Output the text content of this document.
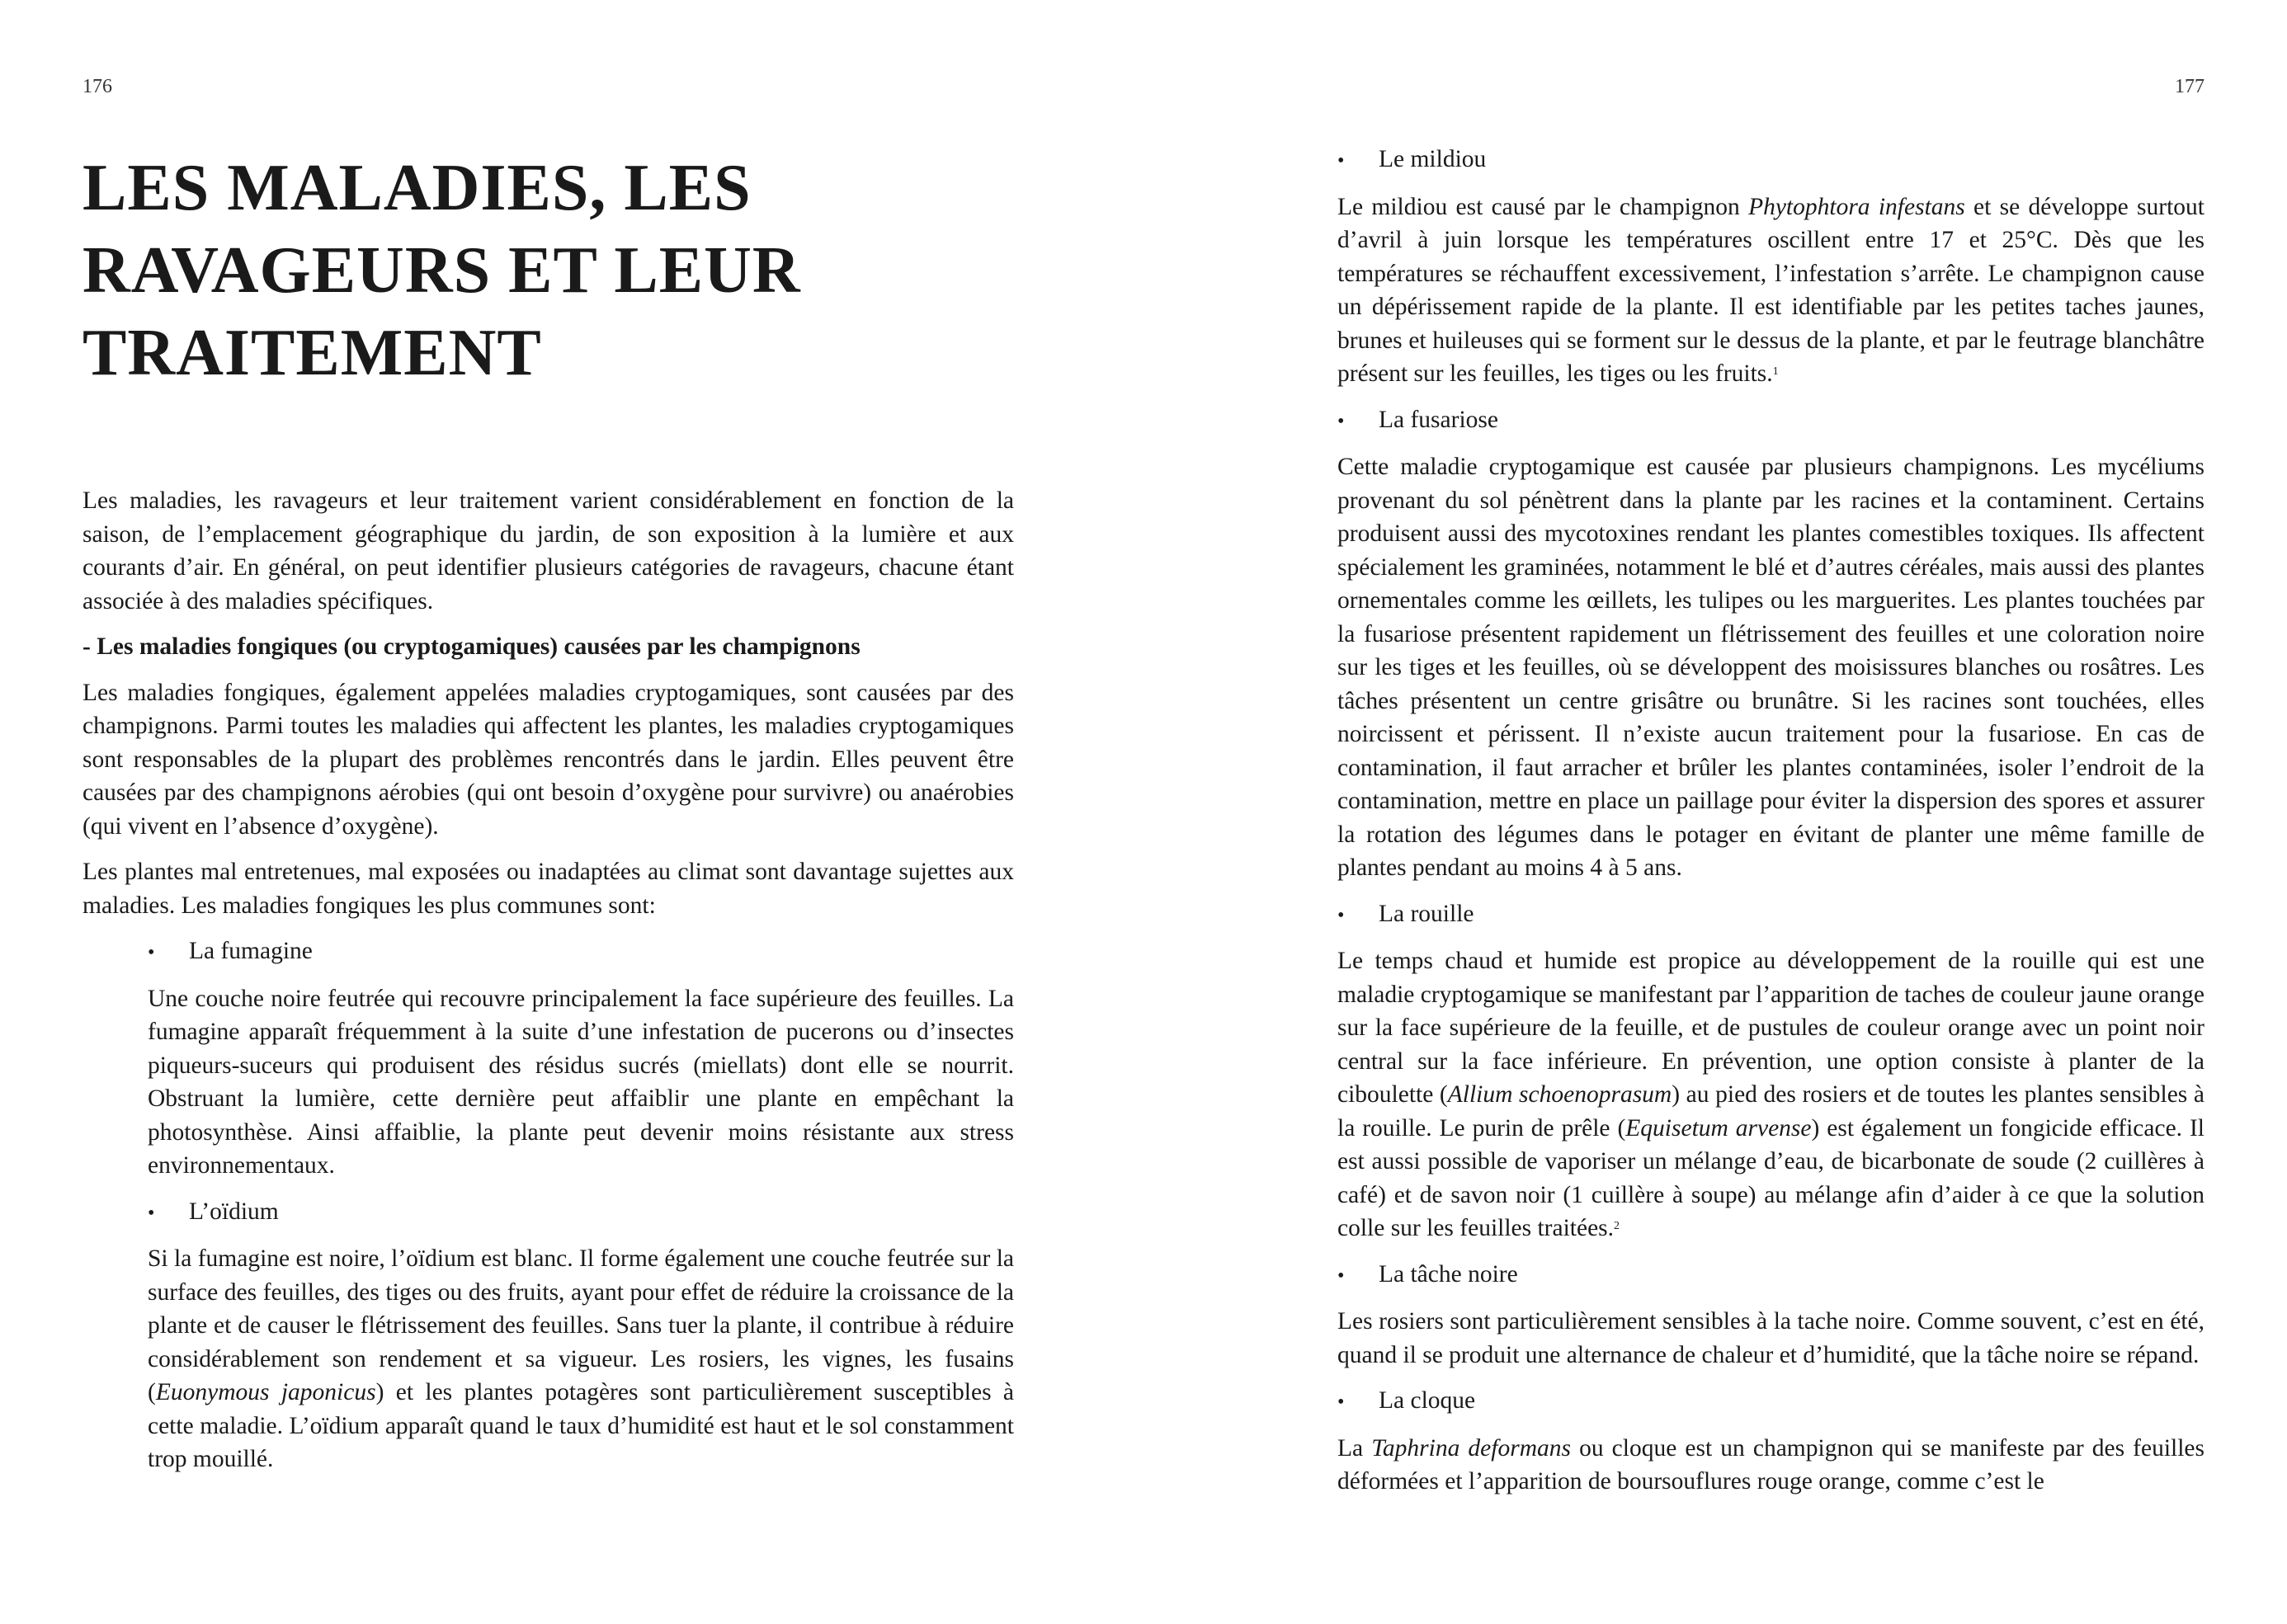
176
LES MALADIES, LES
RAVAGEURS ET LEUR
TRAITEMENT

Les maladies, les ravageurs et leur traitement varient considérablement en fonction de la saison, de l’emplacement géographique du jardin, de son exposition à la lumière et aux courants d’air. En général, on peut identifier plusieurs catégories de ravageurs, chacune étant associée à des maladies spécifiques.

- Les maladies fongiques (ou cryptogamiques) causées par les champignons

Les maladies fongiques, également appelées maladies cryptogamiques, sont causées par des champignons. Parmi toutes les maladies qui affectent les plantes, les maladies cryptogamiques sont responsables de la plupart des problèmes rencontrés dans le jardin. Elles peuvent être causées par des champignons aérobies (qui ont besoin d’oxygène pour survivre) ou anaérobies (qui vivent en l’absence d’oxygène).

Les plantes mal entretenues, mal exposées ou inadaptées au climat sont davantage sujettes aux maladies. Les maladies fongiques les plus communes sont:

•	La fumagine

Une couche noire feutrée qui recouvre principalement la face supérieure des feuilles. La fumagine apparaît fréquemment à la suite d’une infestation de pucerons ou d’insectes piqueurs-suceurs qui produisent des résidus sucrés (miellats) dont elle se nourrit. Obstruant la lumière, cette dernière peut affaiblir une plante en empêchant la photosynthèse. Ainsi affaiblie, la plante peut devenir moins résistante aux stress environnementaux.

•	L’oïdium

Si la fumagine est noire, l’oïdium est blanc. Il forme également une couche feutrée sur la surface des feuilles, des tiges ou des fruits, ayant pour effet de réduire la croissance de la plante et de causer le flétrissement des feuilles. Sans tuer la plante, il contribue à réduire considérablement son rendement et sa vigueur. Les rosiers, les vignes, les fusains (Euonymous japonicus) et les plantes potagères sont particulièrement susceptibles à cette maladie. L’oïdium apparaît quand le taux d’humidité est haut et le sol constamment trop mouillé.

177
•	Le mildiou

Le mildiou est causé par le champignon Phytophtora infestans et se développe surtout d’avril à juin lorsque les températures oscillent entre 17 et 25°C. Dès que les températures se réchauffent excessivement, l’infestation s’arrête. Le champignon cause un dépérissement rapide de la plante. Il est identifiable par les petites taches jaunes, brunes et huileuses qui se forment sur le dessus de la plante, et par le feutrage blanchâtre présent sur les feuilles, les tiges ou les fruits.$^1$

•	La fusariose

Cette maladie cryptogamique est causée par plusieurs champignons. Les mycéliums provenant du sol pénètrent dans la plante par les racines et la contaminent. Certains produisent aussi des mycotoxines rendant les plantes comestibles toxiques. Ils affectent spécialement les graminées, notamment le blé et d’autres céréales, mais aussi des plantes ornementales comme les œillets, les tulipes ou les marguerites. Les plantes touchées par la fusariose présentent rapidement un flétrissement des feuilles et une coloration noire sur les tiges et les feuilles, où se développent des moisissures blanches ou rosâtres. Les tâches présentent un centre grisâtre ou brunâtre. Si les racines sont touchées, elles noircissent et périssent. Il n’existe aucun traitement pour la fusariose. En cas de contamination, il faut arracher et brûler les plantes contaminées, isoler l’endroit de la contamination, mettre en place un paillage pour éviter la dispersion des spores et assurer la rotation des légumes dans le potager en évitant de planter une même famille de plantes pendant au moins 4 à 5 ans.

•	La rouille

Le temps chaud et humide est propice au développement de la rouille qui est une maladie cryptogamique se manifestant par l’apparition de taches de couleur jaune orange sur la face supérieure de la feuille, et de pustules de couleur orange avec un point noir central sur la face inférieure. En prévention, une option consiste à planter de la ciboulette (Allium schoenoprasum) au pied des rosiers et de toutes les plantes sensibles à la rouille. Le purin de prêle (Equisetum arvense) est également un fongicide efficace. Il est aussi possible de vaporiser un mélange d’eau, de bicarbonate de soude (2 cuillères à café) et de savon noir (1 cuillère à soupe) au mélange afin d’aider à ce que la solution colle sur les feuilles traitées.$^2$

•	La tâche noire

Les rosiers sont particulièrement sensibles à la tache noire. Comme souvent, c’est en été, quand il se produit une alternance de chaleur et d’humidité, que la tâche noire se répand.

•	La cloque

La Taphrina deformans ou cloque est un champignon qui se manifeste par des feuilles déformées et l’apparition de boursouflures rouge orange, comme c’est le
